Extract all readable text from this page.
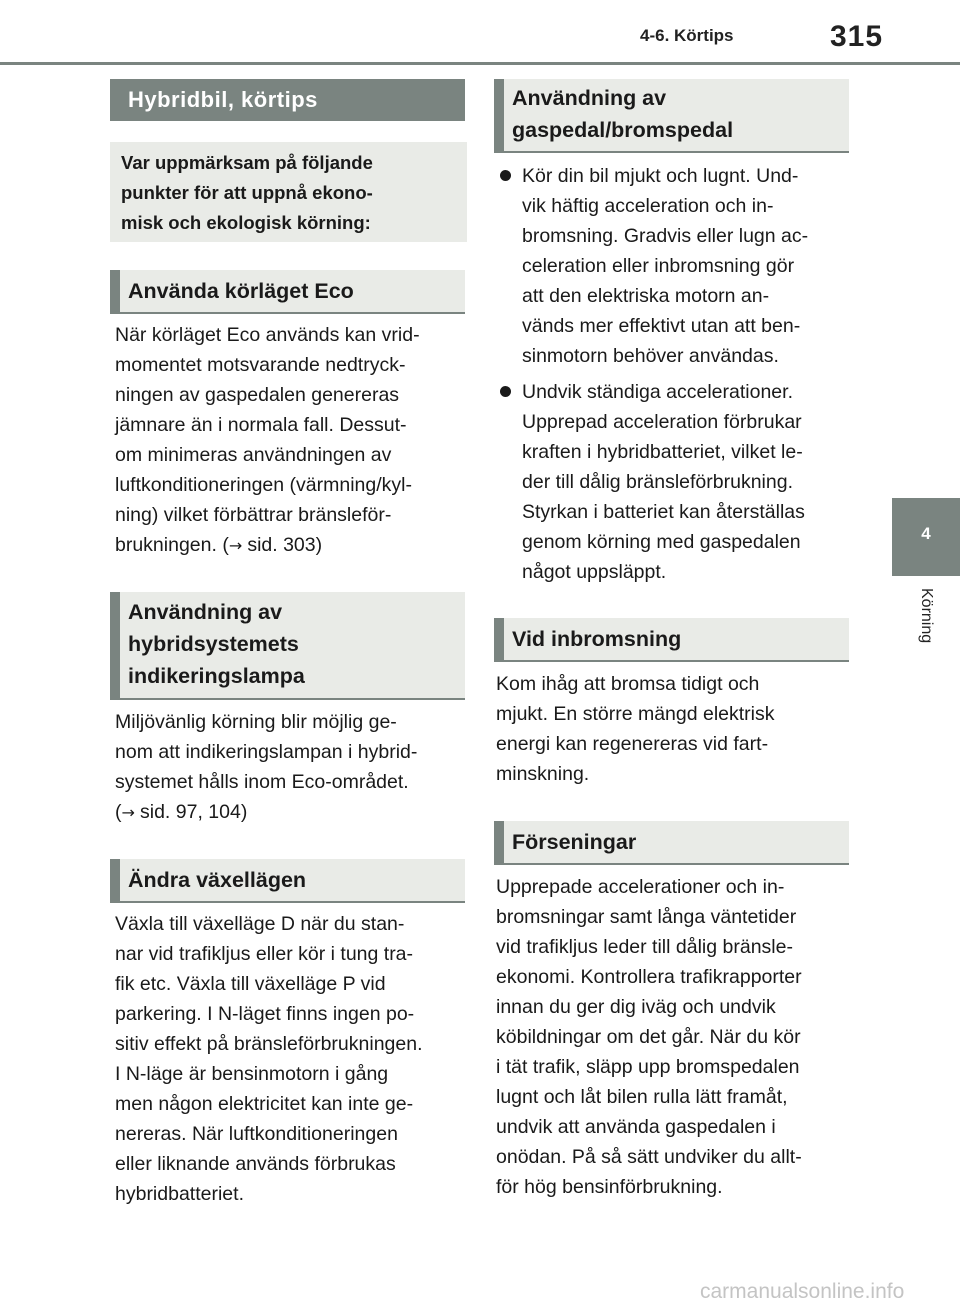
4-6. Körtips	315
4
Körning
Hybridbil, körtips
Var uppmärksam på följande
punkter för att uppnå ekono-
misk och ekologisk körning:
Använda körläget Eco

När körläget Eco används kan vrid-
momentet motsvarande nedtryck-
ningen av gaspedalen genereras
jämnare än i normala fall. Dessut-
om minimeras användningen av
luftkonditioneringen (värmning/kyl-
ning) vilket förbättrar bränsleför-
brukningen. (→ sid. 303)

Användning av
hybridsystemets
indikeringslampa

Miljövänlig körning blir möjlig ge-
nom att indikeringslampan i hybrid-
systemet hålls inom Eco-området.
(→ sid. 97, 104)

Ändra växellägen

Växla till växelläge D när du stan-
nar vid trafikljus eller kör i tung tra-
fik etc. Växla till växelläge P vid
parkering. I N-läget finns ingen po-
sitiv effekt på bränsleförbrukningen.
I N-läge är bensinmotorn i gång
men någon elektricitet kan inte ge-
nereras. När luftkonditioneringen
eller liknande används förbrukas
hybridbatteriet.

Användning av
gaspedal/bromspedal
Kör din bil mjukt och lugnt. Und-
vik häftig acceleration och in-
bromsning. Gradvis eller lugn ac-
celeration eller inbromsning gör
att den elektriska motorn an-
vänds mer effektivt utan att ben-
sinmotorn behöver användas.
Undvik ständiga accelerationer.
Upprepad acceleration förbrukar
kraften i hybridbatteriet, vilket le-
der till dålig bränsleförbrukning.
Styrkan i batteriet kan återställas
genom körning med gaspedalen
något uppsläppt.
Vid inbromsning

Kom ihåg att bromsa tidigt och
mjukt. En större mängd elektrisk
energi kan regenereras vid fart-
minskning.

Förseningar

Upprepade accelerationer och in-
bromsningar samt långa väntetider
vid trafikljus leder till dålig bränsle-
ekonomi. Kontrollera trafikrapporter
innan du ger dig iväg och undvik
köbildningar om det går. När du kör
i tät trafik, släpp upp bromspedalen
lugnt och låt bilen rulla lätt framåt,
undvik att använda gaspedalen i
onödan. På så sätt undviker du allt-
för hög bensinförbrukning.

carmanualsonline.info
